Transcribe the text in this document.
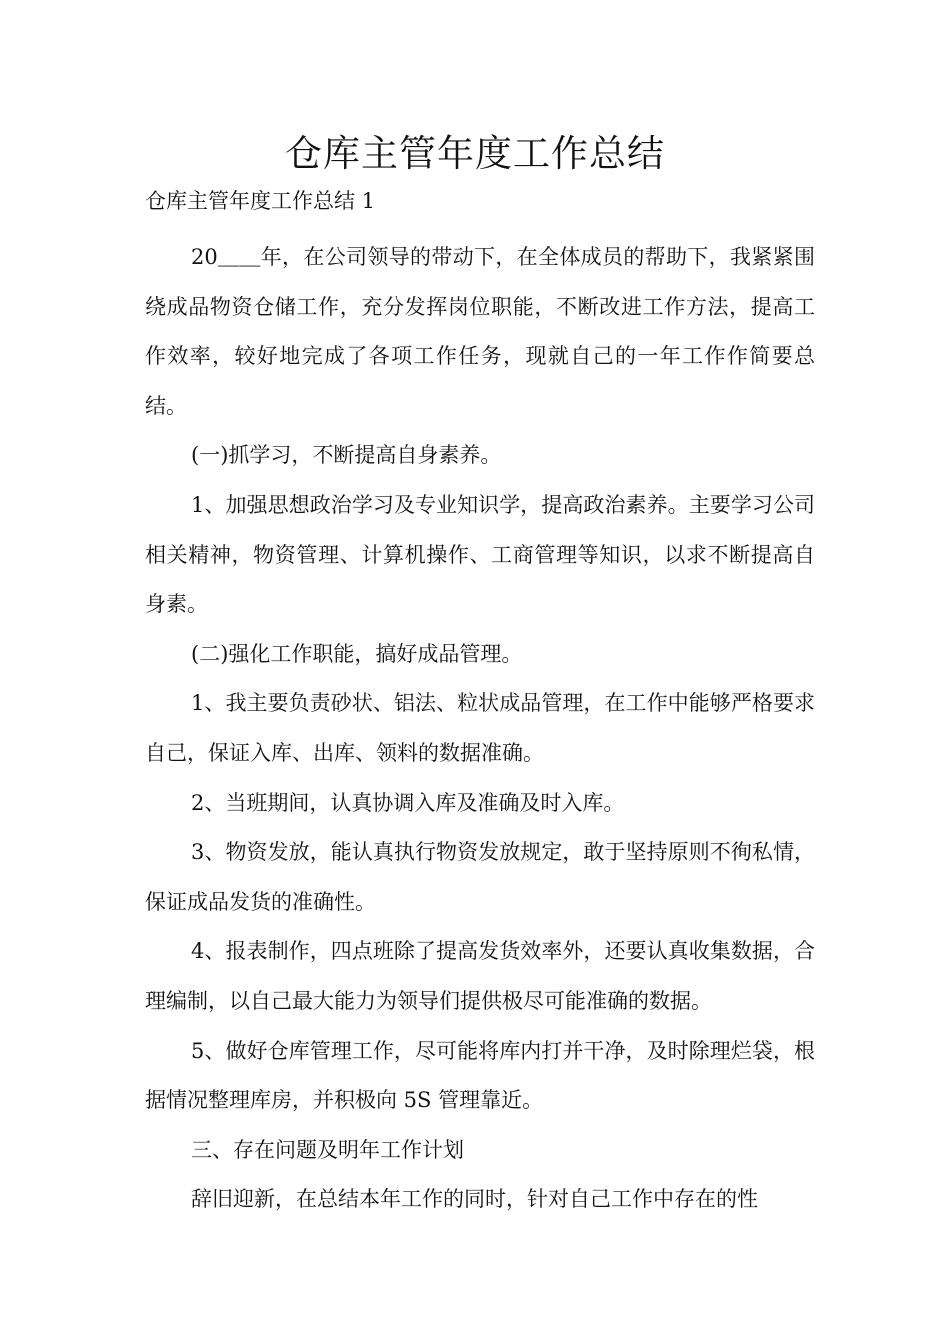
仓库主管年度工作总结

仓库主管年度工作总结 1

20＿＿年，在公司领导的带动下，在全体成员的帮助下，我紧紧围绕成品物资仓储工作，充分发挥岗位职能，不断改进工作方法，提高工作效率，较好地完成了各项工作任务，现就自己的一年工作作简要总结。

(一)抓学习，不断提高自身素养。

1、加强思想政治学习及专业知识学，提高政治素养。主要学习公司相关精神，物资管理、计算机操作、工商管理等知识，以求不断提高自身素。

(二)强化工作职能，搞好成品管理。

1、我主要负责砂状、铝法、粒状成品管理，在工作中能够严格要求自己，保证入库、出库、领料的数据准确。

2、当班期间，认真协调入库及准确及时入库。

3、物资发放，能认真执行物资发放规定，敢于坚持原则不徇私情，保证成品发货的准确性。

4、报表制作，四点班除了提高发货效率外，还要认真收集数据，合理编制，以自己最大能力为领导们提供极尽可能准确的数据。

5、做好仓库管理工作，尽可能将库内打并干净，及时除理烂袋，根据情况整理库房，并积极向 5S 管理靠近。

三、存在问题及明年工作计划

辞旧迎新，在总结本年工作的同时，针对自己工作中存在的性
